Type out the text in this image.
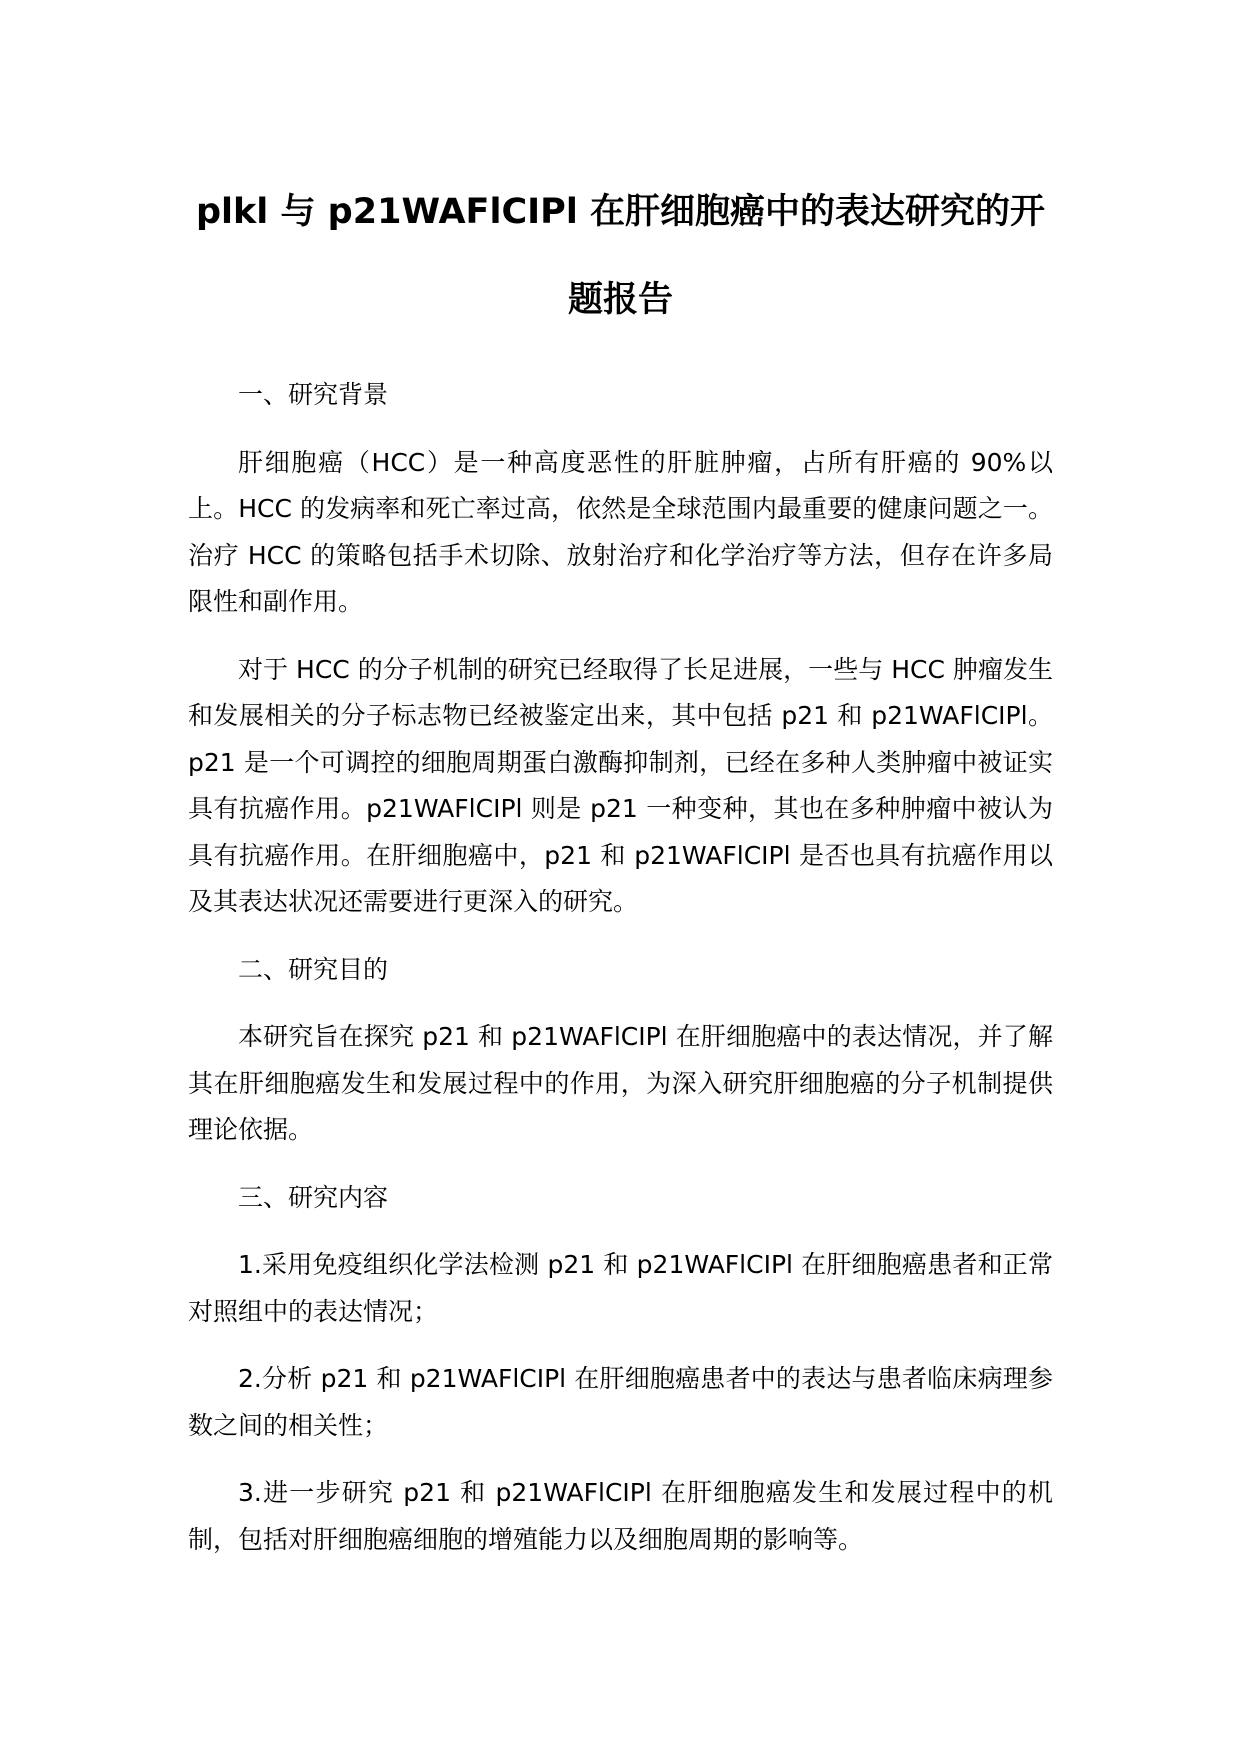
plkl 与 p21WAFlCIPl 在肝细胞癌中的表达研究的开题报告

一、研究背景

肝细胞癌（HCC）是一种高度恶性的肝脏肿瘤，占所有肝癌的 90%以上。HCC 的发病率和死亡率过高，依然是全球范围内最重要的健康问题之一。治疗 HCC 的策略包括手术切除、放射治疗和化学治疗等方法，但存在许多局限性和副作用。

对于 HCC 的分子机制的研究已经取得了长足进展，一些与 HCC 肿瘤发生和发展相关的分子标志物已经被鉴定出来，其中包括 p21 和 p21WAFlCIPl。p21 是一个可调控的细胞周期蛋白激酶抑制剂，已经在多种人类肿瘤中被证实具有抗癌作用。p21WAFlCIPl 则是 p21 一种变种，其也在多种肿瘤中被认为具有抗癌作用。在肝细胞癌中，p21 和 p21WAFlCIPl 是否也具有抗癌作用以及其表达状况还需要进行更深入的研究。

二、研究目的

本研究旨在探究 p21 和 p21WAFlCIPl 在肝细胞癌中的表达情况，并了解其在肝细胞癌发生和发展过程中的作用，为深入研究肝细胞癌的分子机制提供理论依据。

三、研究内容

1.采用免疫组织化学法检测 p21 和 p21WAFlCIPl 在肝细胞癌患者和正常对照组中的表达情况；

2.分析 p21 和 p21WAFlCIPl 在肝细胞癌患者中的表达与患者临床病理参数之间的相关性；

3.进一步研究 p21 和 p21WAFlCIPl 在肝细胞癌发生和发展过程中的机制，包括对肝细胞癌细胞的增殖能力以及细胞周期的影响等。
